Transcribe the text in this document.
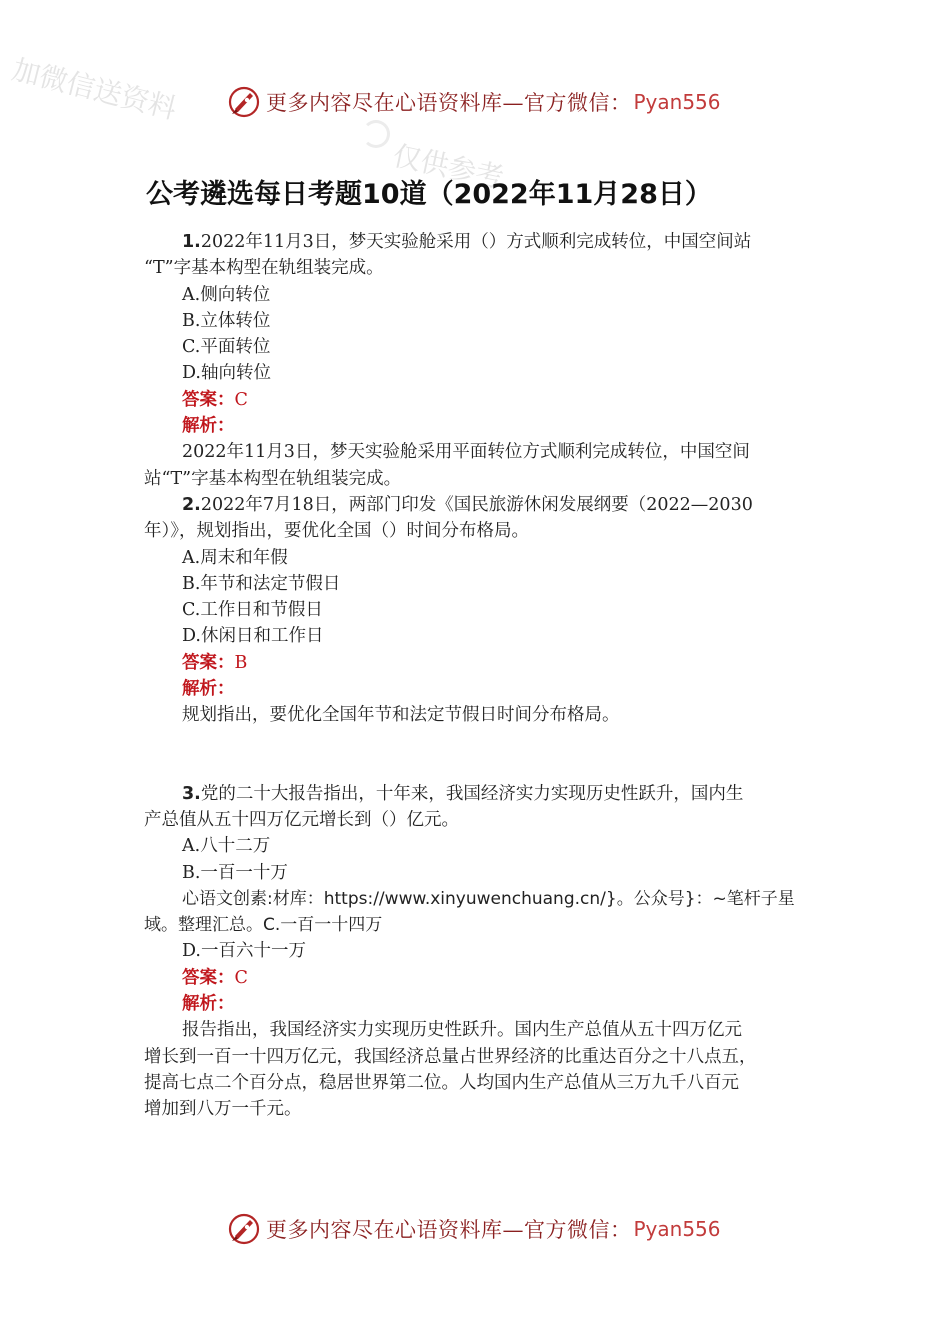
加微信送资料
仅供参考
更多内容尽在心语资料库—官方微信： Pyan556
公考遴选每日考题10道（2022年11月28日）
1.2022年11月3日，梦天实验舱采用（）方式顺利完成转位，中国空间站
“T”字基本构型在轨组装完成。
A.侧向转位
B.立体转位
C.平面转位
D.轴向转位
答案：C
解析：
2022年11月3日，梦天实验舱采用平面转位方式顺利完成转位，中国空间
站“T”字基本构型在轨组装完成。
2.2022年7月18日，两部门印发《国民旅游休闲发展纲要（2022—2030
年）》，规划指出，要优化全国（）时间分布格局。
A.周末和年假
B.年节和法定节假日
C.工作日和节假日
D.休闲日和工作日
答案：B
解析：
规划指出，要优化全国年节和法定节假日时间分布格局。
3.党的二十大报告指出，十年来，我国经济实力实现历史性跃升，国内生
产总值从五十四万亿元增长到（）亿元。
A.八十二万
B.一百一十万
心语文创素:材库：https://www.xinyuwenchuang.cn/}。公众号}：~笔杆子星
域。整理汇总。C.一百一十四万
D.一百六十一万
答案：C
解析：
报告指出，我国经济实力实现历史性跃升。国内生产总值从五十四万亿元
增长到一百一十四万亿元，我国经济总量占世界经济的比重达百分之十八点五，
提高七点二个百分点，稳居世界第二位。人均国内生产总值从三万九千八百元
增加到八万一千元。
更多内容尽在心语资料库—官方微信： Pyan556
